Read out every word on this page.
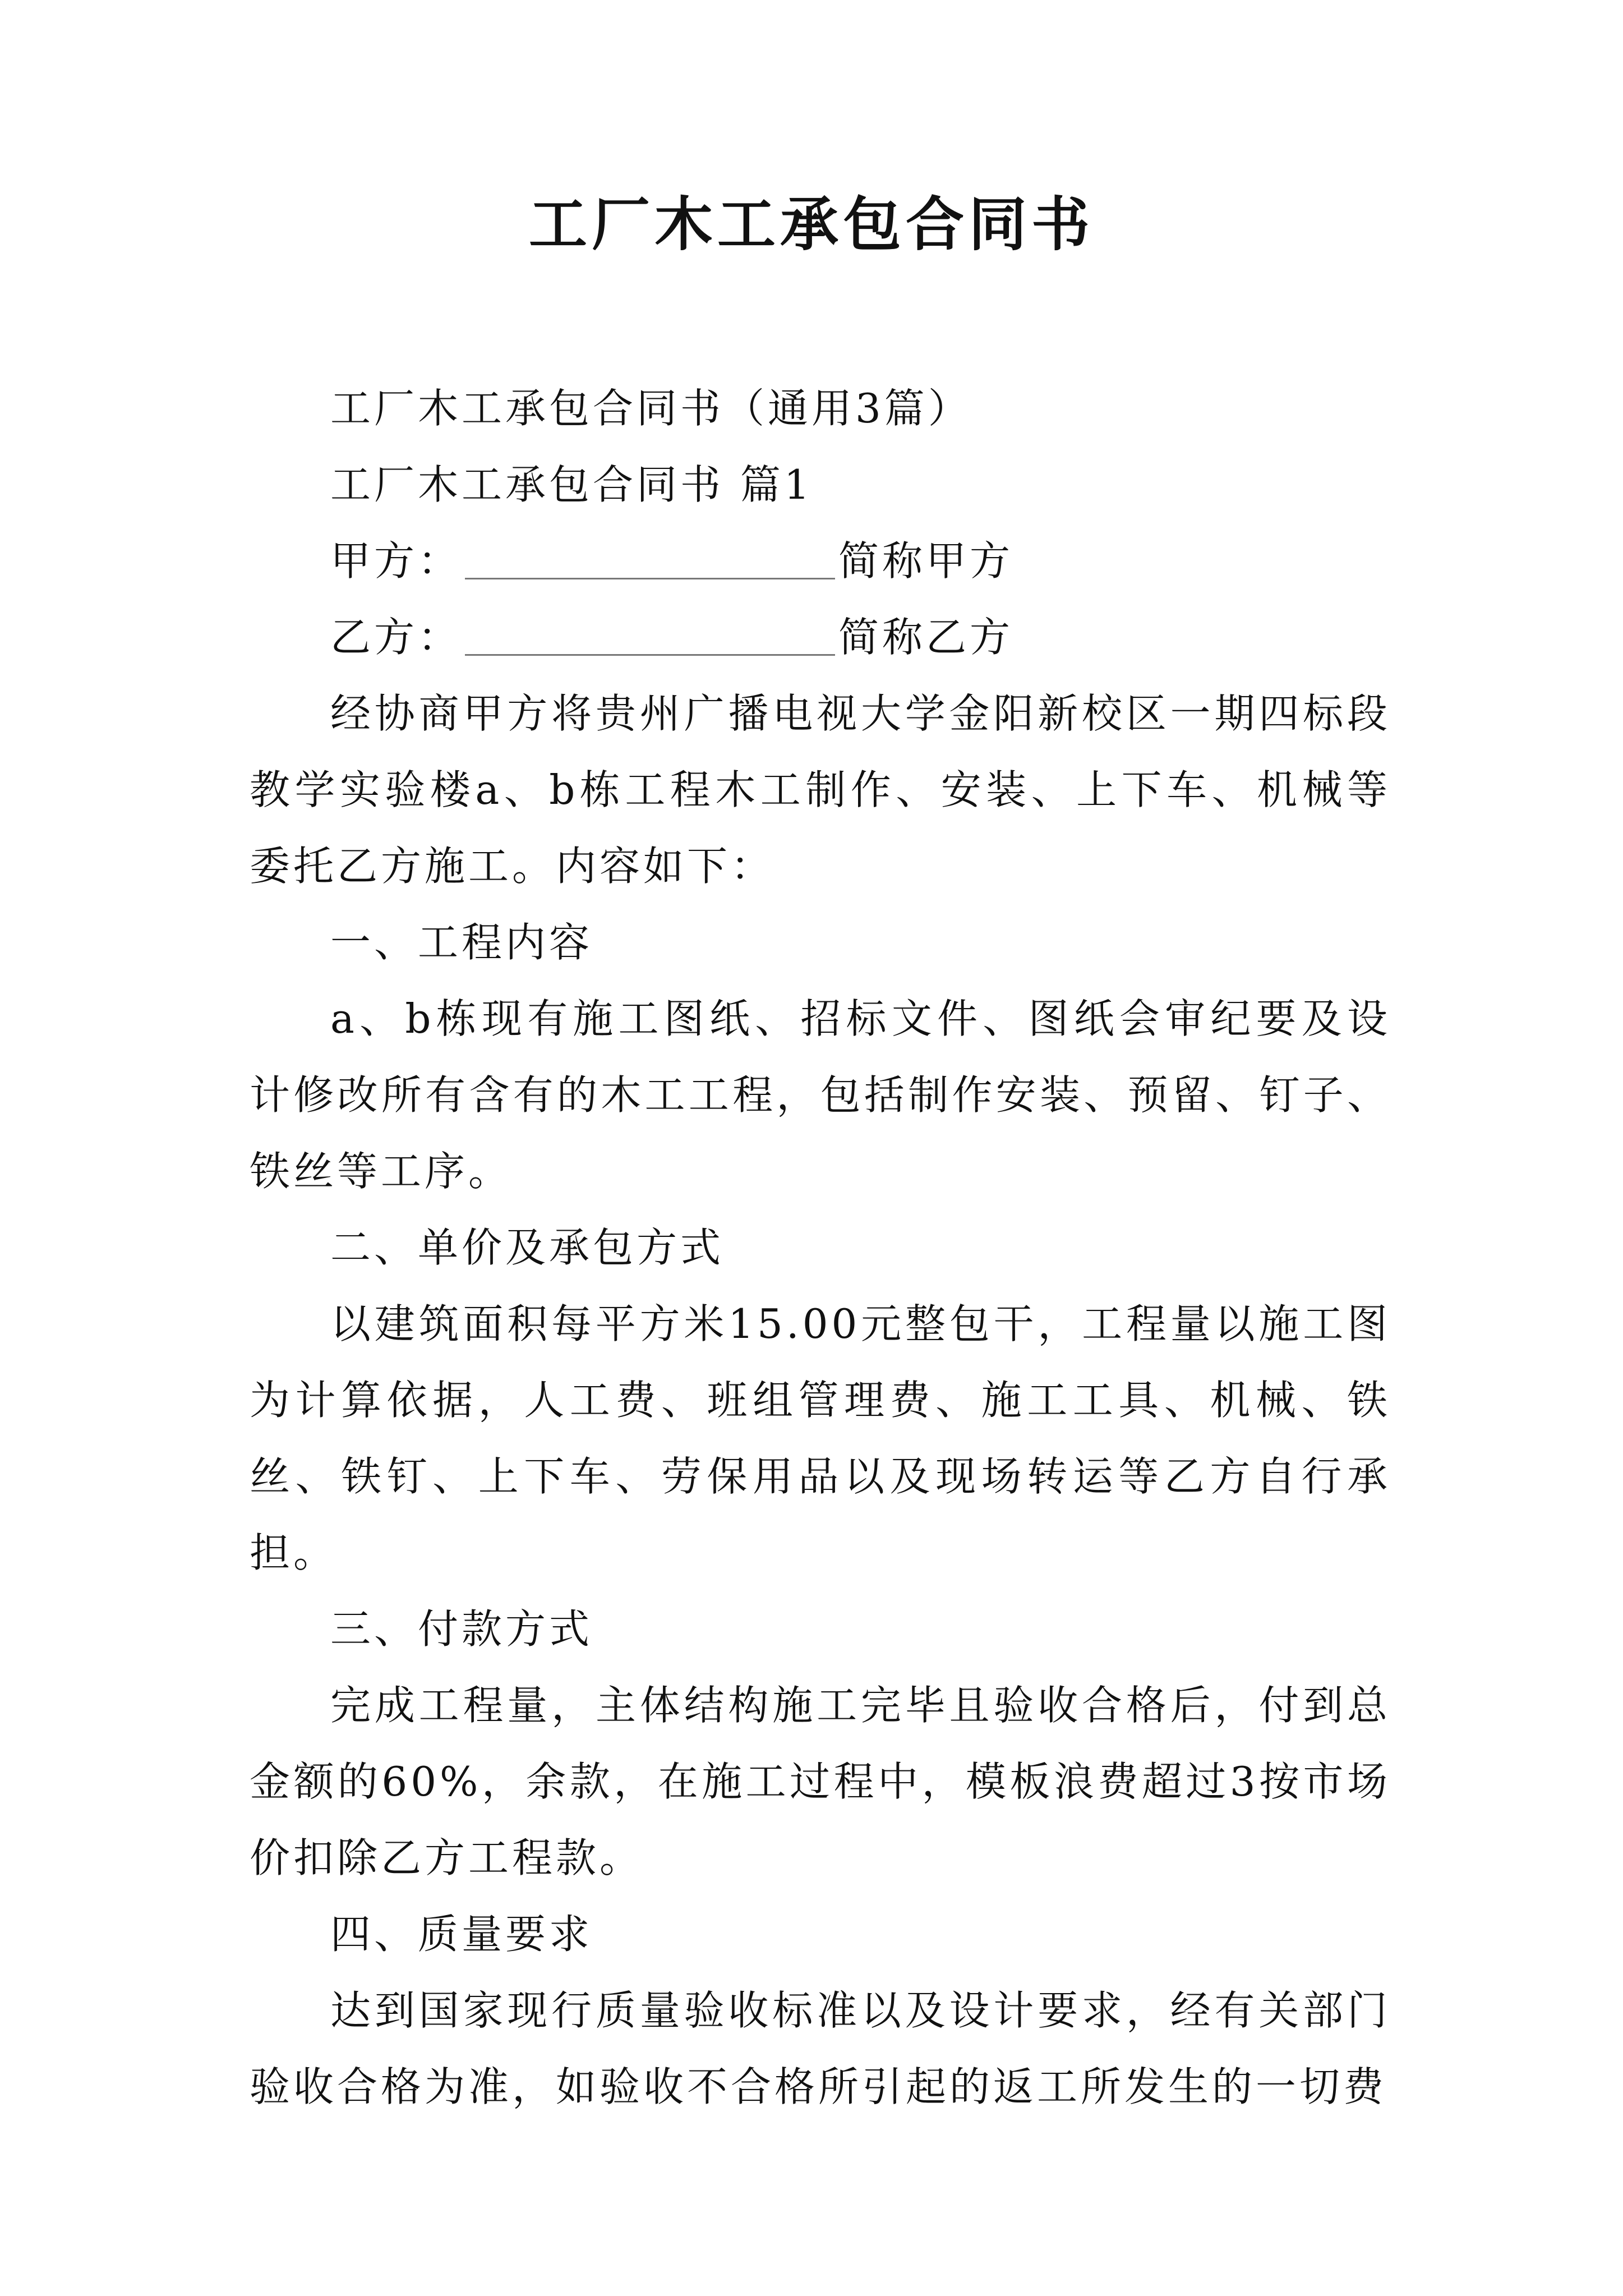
工厂木工承包合同书

工厂木工承包合同书（通用3篇）

工厂木工承包合同书 篇1

甲方：	简称甲方

乙方：	简称乙方

经协商甲方将贵州广播电视大学金阳新校区一期四标段教学实验楼a、b栋工程木工制作、安装、上下车、机械等委托乙方施工。内容如下：

一、工程内容

a、b栋现有施工图纸、招标文件、图纸会审纪要及设计修改所有含有的木工工程，包括制作安装、预留、钉子、铁丝等工序。

二、单价及承包方式

以建筑面积每平方米15.00元整包干，工程量以施工图为计算依据，人工费、班组管理费、施工工具、机械、铁丝、铁钉、上下车、劳保用品以及现场转运等乙方自行承担。

三、付款方式

完成工程量，主体结构施工完毕且验收合格后，付到总金额的60%，余款，在施工过程中，模板浪费超过3按市场价扣除乙方工程款。

四、质量要求

达到国家现行质量验收标准以及设计要求，经有关部门验收合格为准，如验收不合格所引起的返工所发生的一切费
